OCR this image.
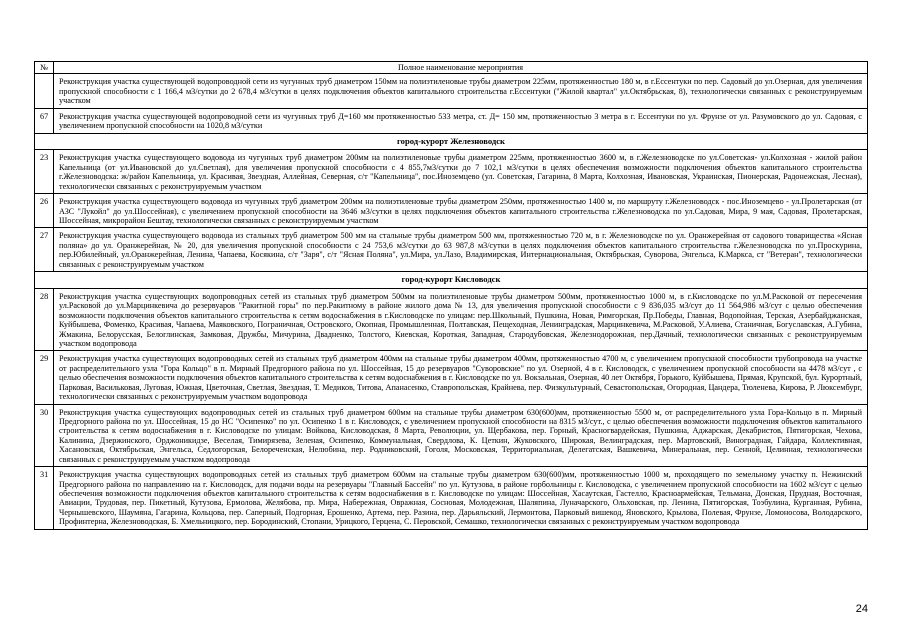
№	Полное наименование мероприятия
	Реконструкция участка существующей водопроводной сети из чугунных труб диаметром 150мм на полиэтиленовые трубы диаметром 225мм, протяженностью 180 м, в г.Ессентуки по пер. Садовый до ул.Озерная, для увеличения пропускной способности с 1 166,4 м3/сутки до 2 678,4 м3/сутки в целях подключения объектов капитального строительства г.Ессентуки ("Жилой квартал" ул.Октябрьская, 8), технологически связанных с реконструируемым участком
67	Реконструкция участка существующей водопроводной сети из чугунных труб Д=160 мм протяженностью 533 метра, ст. Д= 150 мм, протяженностью 3 метра в г. Ессентуки по ул. Фрунзе от ул. Разумовского до ул. Садовая, с увеличением пропускной способности на 1020,8 м3/сутки
город-курорт Железноводск	
23	Реконструкция участка существующего водовода из чугунных труб диаметром 200мм на полиэтиленовые трубы диаметром 225мм, протяженностью 3600 м, в г.Железноводске по ул.Советская- ул.Колхозная - жилой район Капельница (от ул.Ивановской до ул.Светлая), для увеличения пропускной способности с 4 855,7м3/сутки до 7 102,1 м3/сутки в целях обеспечения возможности подключения объектов капитального строительства г.Железноводска: ж/район Капельница, ул. Красивая, Звездная, Аллейная, Северная, с/т "Капельница", пос.Иноземцево (ул. Советская, Гагарина, 8 Марта, Колхозная, Ивановская, Украинская, Пионерская, Радонежская, Лесная), технологически связанных с реконструируемым участком
26	Реконструкция участка существующего водовода из чугунных труб диаметром 200мм на полиэтиленовые трубы диаметром 250мм, протяженностью 1400 м, по маршруту г.Железноводск - пос.Иноземцево - ул.Пролетарская (от АЗС "Лукойл" до ул.Шоссейная), с увеличением пропускной способности на 3646 м3/сутки в целях подключения объектов капитального строительства г.Железноводска по ул.Садовая, Мира, 9 мая, Садовая, Пролетарская, Шоссейная, микрорайон Бештау, технологически связанных с реконструируемым участком
27	Реконструкция участка существующего водовода из стальных труб диаметром 500 мм на стальные трубы диаметром 500 мм, протяженностью 720 м, в г. Железноводске по ул. Оранжерейная от садового товарищества «Ясная поляна» до ул. Оранжерейная, № 20, для увеличения пропускной способности с 24 753,6 м3/сутки до 63 987,8 м3/сутки в целях подключения объектов капитального строительства г.Железноводска по ул.Проскурина, пер.Юбилейный, ул.Оранжерейная, Ленина, Чапаева, Косякина, с/т "Заря", с/т "Ясная Поляна", ул.Мира, ул.Лазо, Владимирская, Интернациональная, Октябрьская, Суворова, Энгельса, К.Маркса, ст "Ветеран", технологически связанных с реконструируемым участком
город-курорт Кисловодск	
28	Реконструкция участка существующих водопроводных сетей из стальных труб диаметром 500мм на полиэтиленовые трубы диаметром 500мм, протяженностью 1000 м, в г.Кисловодске по ул.М.Расковой от пересечения ул.Расковой до ул.Марцинкевича до резервуаров "Ракитной горы" по пер.Ракитному в районе жилого дома № 13, для увеличения пропускной способности с 9 836,035 м3/сут до 11 564,986 м3/сут с целью обеспечения возможности подключения объектов капитального строительства к сетям водоснабжения в г.Кисловодске по улицам: пер.Школьный, Пушкина, Новая, Римгорская, Пр.Победы, Главная, Водопойная, Терская, Азербайджанская, Куйбышева, Фоменко, Красивая, Чапаева, Маяковского, Пограничная, Островского, Окопная, Промышленная, Полтавская, Пещеходная, Ленинградская, Марцинкевича, М.Расковой, У.Алиева, Станичная, Богуславская, А.Губина, Жмакина, Белорусская, Белоглинская, Замковая, Дружбы, Мичурина, Двадненко, Толстого, Киевская, Короткая, Западная, Стародубовская, Железнодорожная, пер.Дачный, технологически связанных с реконструируемым участком водопровода
29	Реконструкция участка существующих водопроводных сетей из стальных труб диаметром 400мм на стальные трубы диаметром 400мм, протяженностью 4700 м, с увеличением пропускной способности трубопровода на участке от распределительного узла "Гора Кольцо" в п. Мирный Предгорного района по ул. Шоссейная, 15 до резервуаров "Суворовские" по ул. Озерной, 4 в г. Кисловодск, с увеличением пропускной способности на 4478 м3/сут , с целью обеспечения возможности подключения объектов капитального строительства к сетям водоснабжения в г. Кисловодске по ул. Вокзальная, Озерная, 40 лет Октября, Горького, Куйбышева, Прямая, Крупской, бул. Курортный, Парковая, Васильковая, Луговая, Южная, Цветочная, Светлая, Звездная, Т. Медиков, Титова, Апанасенко, Ставропольская, Крайнева, пер. Физкультурный, Севастопольская, Огородная, Цандера, Тюленева, Кирова, Р. Люксембург, технологически связанных с реконструируемым участком водопровода
30	Реконструкция участка существующих водопроводных сетей из стальных труб диаметром 600мм на стальные трубы диаметром 630(600)мм, протяженностью 5500 м, от распределительного узла Гора-Кольцо в п. Мирный Предгорного района по ул. Шоссейная, 15 до НС "Осипенко" по ул. Осипенко 1 в г. Кисловодск, с увеличением пропускной способности на 8315 м3/сут., с целью обеспечения возможности подключения объектов капитального строительства к сетям водоснабжения в г. Кисловодске по улицам: Войкова, Кисловодская, 8 Марта, Революции, ул. Щербакова, пер. Горный, Красногвардейская, Пушкина, Аджарская, Декабристов, Пятигорская, Чехова, Калинина, Дзержинского, Орджоникидзе, Веселая, Тимирязева, Зеленая, Осипенко, Коммунальная, Свердлова, К. Цеткин, Жуковского, Широкая, Велинградская, пер. Мартовский, Виноградная, Гайдара, Коллективная, Хасановская, Октябрьская, Энгельса, Седлогорская, Белореченская, Нелюбина, пер. Родниковский, Гоголя, Московская, Территориальная, Делегатская, Вашкевича, Минеральная, пер. Сенной, Целинная, технологически связанных с реконструируемым участком водопровода
31	Реконструкция участка существующих водопроводных сетей из стальных труб диаметром 600мм на стальные трубы диаметром 630(600)мм, протяженностью 1000 м, проходящего по земельному участку п. Нежинский Предгорного района по направлению на г. Кисловодск, для подачи воды на резервуары "Главный Бассейн" по ул. Кутузова, в районе горбольницы г. Кисловодска, с увеличением пропускной способности на 1602 м3/сут с целью обеспечения возможности подключения объектов капитального строительства к сетям водоснабжения в г. Кисловодске по улицам: Шоссейная, Хасаутская, Гастелло, Красноармейская, Тельмана, Донская, Прудная, Восточная, Авиации, Трудовая, пер. Пикетный, Кутузова, Ермолова, Желябова, пр. Мира, Набережная, Овражная, Сосновая, Молодежная, Шаляпина, Луначарского, Ольховская, пр. Ленина, Пятигорская, Тоэбулина, Курганная, Рубина, Чернышевского, Шаумяна, Гагарина, Кольцова, пер. Саперный, Подгорная, Ерошенко, Артема, пер. Разина, пер. Дарьяльский, Лермонтова, Парковый вишекод, Яновского, Крылова, Полевая, Фрунзе, Ломоносова, Володарского, Профинтерна, Железноводская, Б. Хмельницкого, пер. Бородинский, Стопани, Урицкого, Герцена, С. Перовской, Семашко, технологически связанных с реконструируемым участком водопровода
24
